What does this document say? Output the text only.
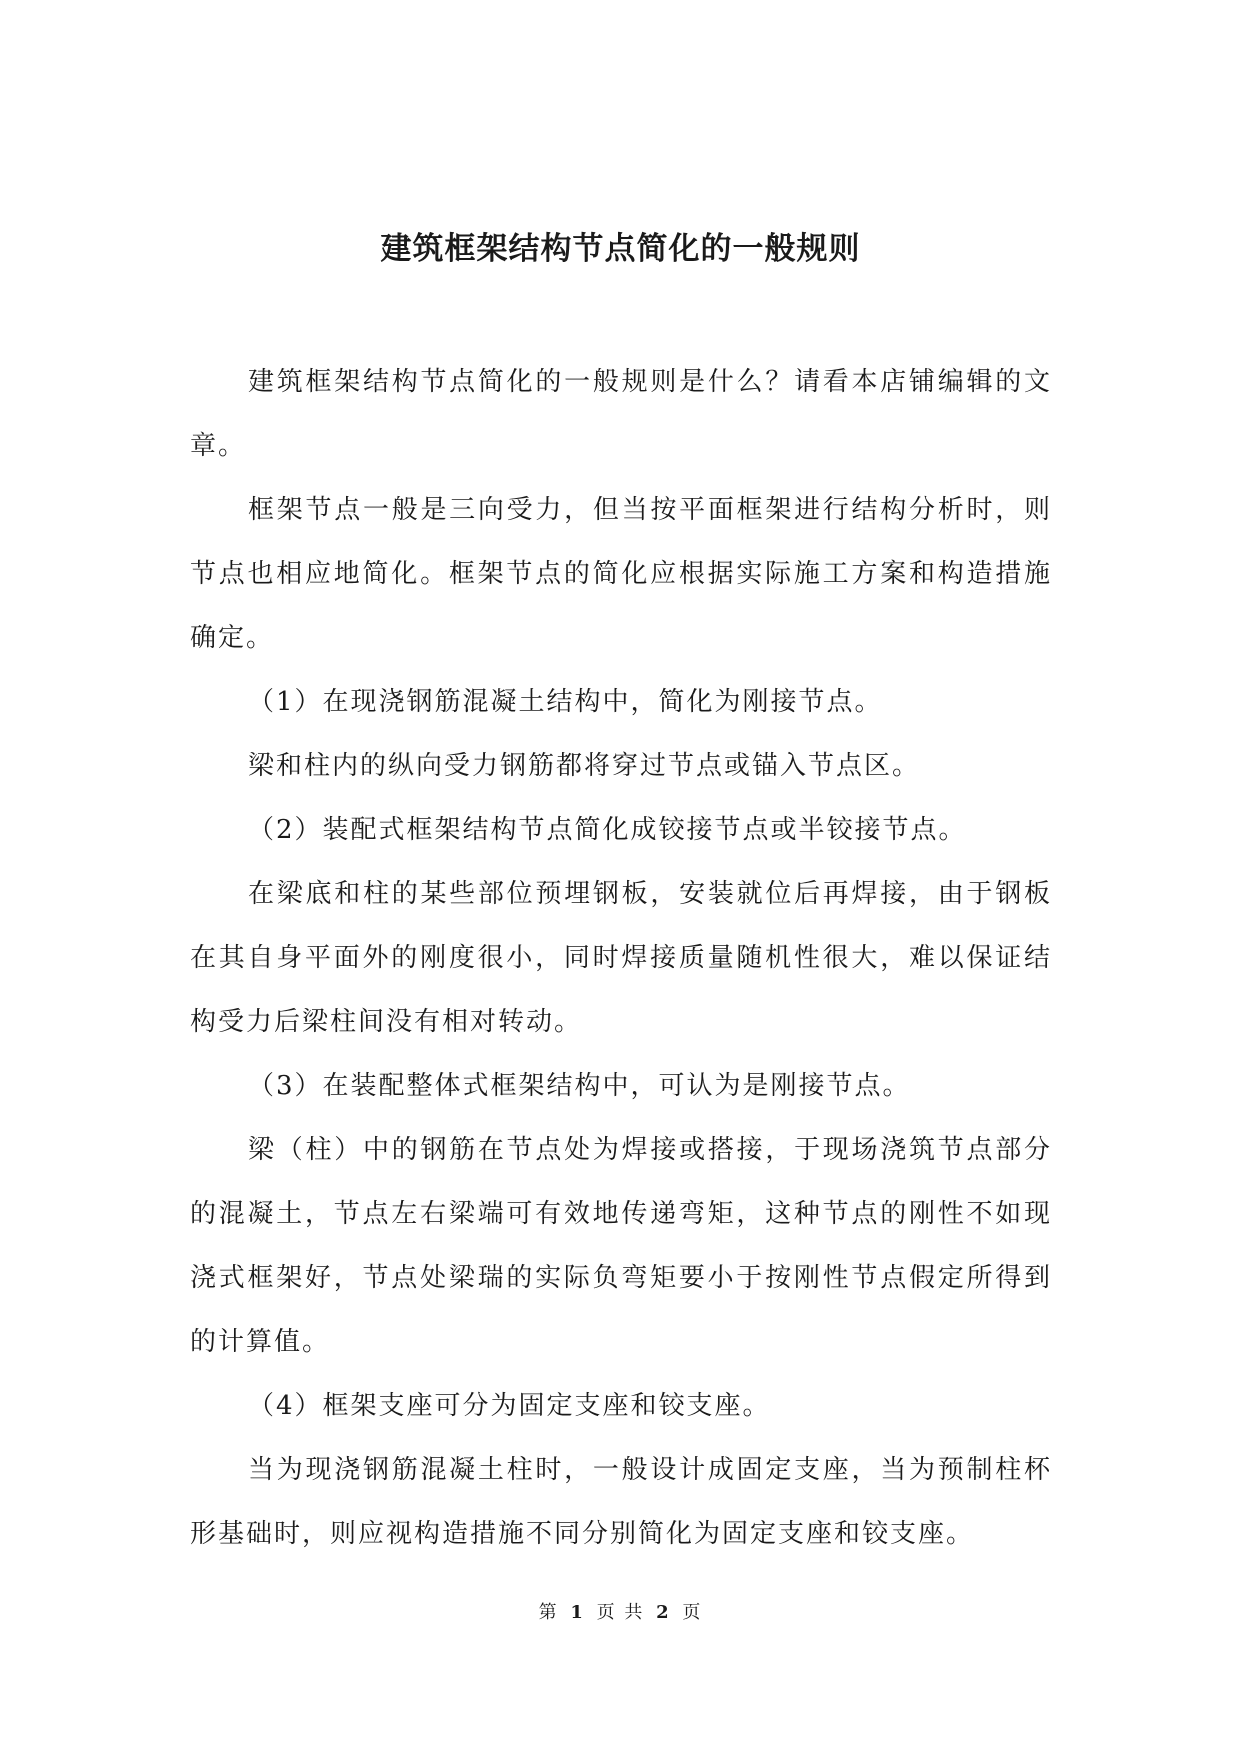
建筑框架结构节点简化的一般规则

建筑框架结构节点简化的一般规则是什么？请看本店铺编辑的文章。

框架节点一般是三向受力，但当按平面框架进行结构分析时，则节点也相应地简化。框架节点的简化应根据实际施工方案和构造措施确定。

（1）在现浇钢筋混凝土结构中，简化为刚接节点。

梁和柱内的纵向受力钢筋都将穿过节点或锚入节点区。

（2）装配式框架结构节点简化成铰接节点或半铰接节点。

在梁底和柱的某些部位预埋钢板，安装就位后再焊接，由于钢板在其自身平面外的刚度很小，同时焊接质量随机性很大，难以保证结构受力后梁柱间没有相对转动。

（3）在装配整体式框架结构中，可认为是刚接节点。

梁（柱）中的钢筋在节点处为焊接或搭接，于现场浇筑节点部分的混凝土，节点左右梁端可有效地传递弯矩，这种节点的刚性不如现浇式框架好，节点处梁瑞的实际负弯矩要小于按刚性节点假定所得到的计算值。

（4）框架支座可分为固定支座和铰支座。

当为现浇钢筋混凝土柱时，一般设计成固定支座，当为预制柱杯形基础时，则应视构造措施不同分别简化为固定支座和铰支座。

第 1 页 共 2 页
